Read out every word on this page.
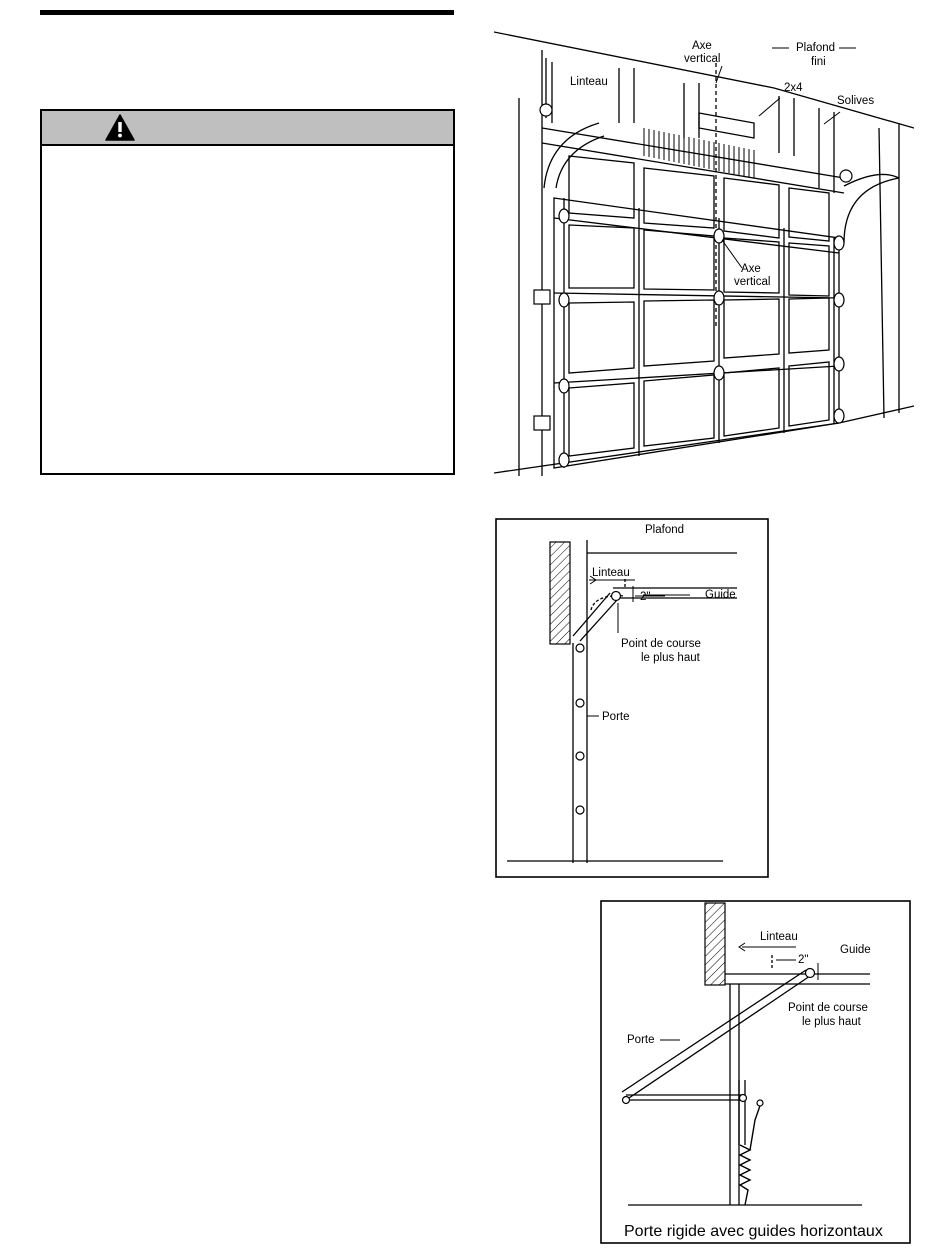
Linteau
Axe
vertical
Plafond
fini
2x4
Solives
Axe
vertical
Plafond
Linteau
2"	Guide
Point de course
le plus haut
Porte
Linteau
Guide
2"
Point de course
le plus haut
Porte
Porte rigide avec guides horizontaux
